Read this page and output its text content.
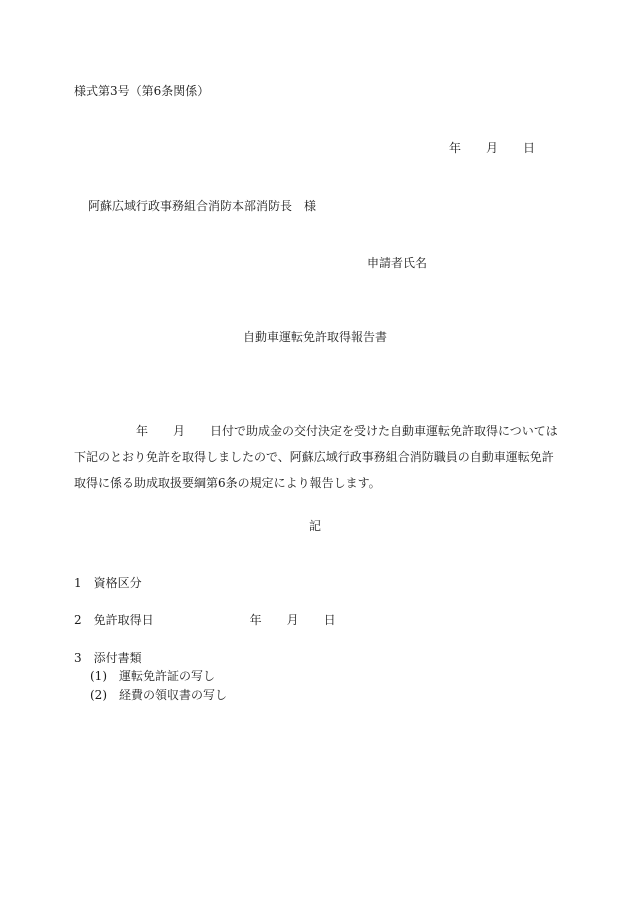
様式第3号（第6条関係）
年 月 日
阿蘇広域行政事務組合消防本部消防長　様
申請者氏名
自動車運転免許取得報告書

年 月 日付で助成金の交付決定を受けた自動車運転免許取得については

下記のとおり免許を取得しましたので、阿蘇広域行政事務組合消防職員の自動車運転免許

取得に係る助成取扱要綱第6条の規定により報告します。

記
1　資格区分
2　免許取得日	年 月 日
3　添付書類
(1)　運転免許証の写し
(2)　経費の領収書の写し
